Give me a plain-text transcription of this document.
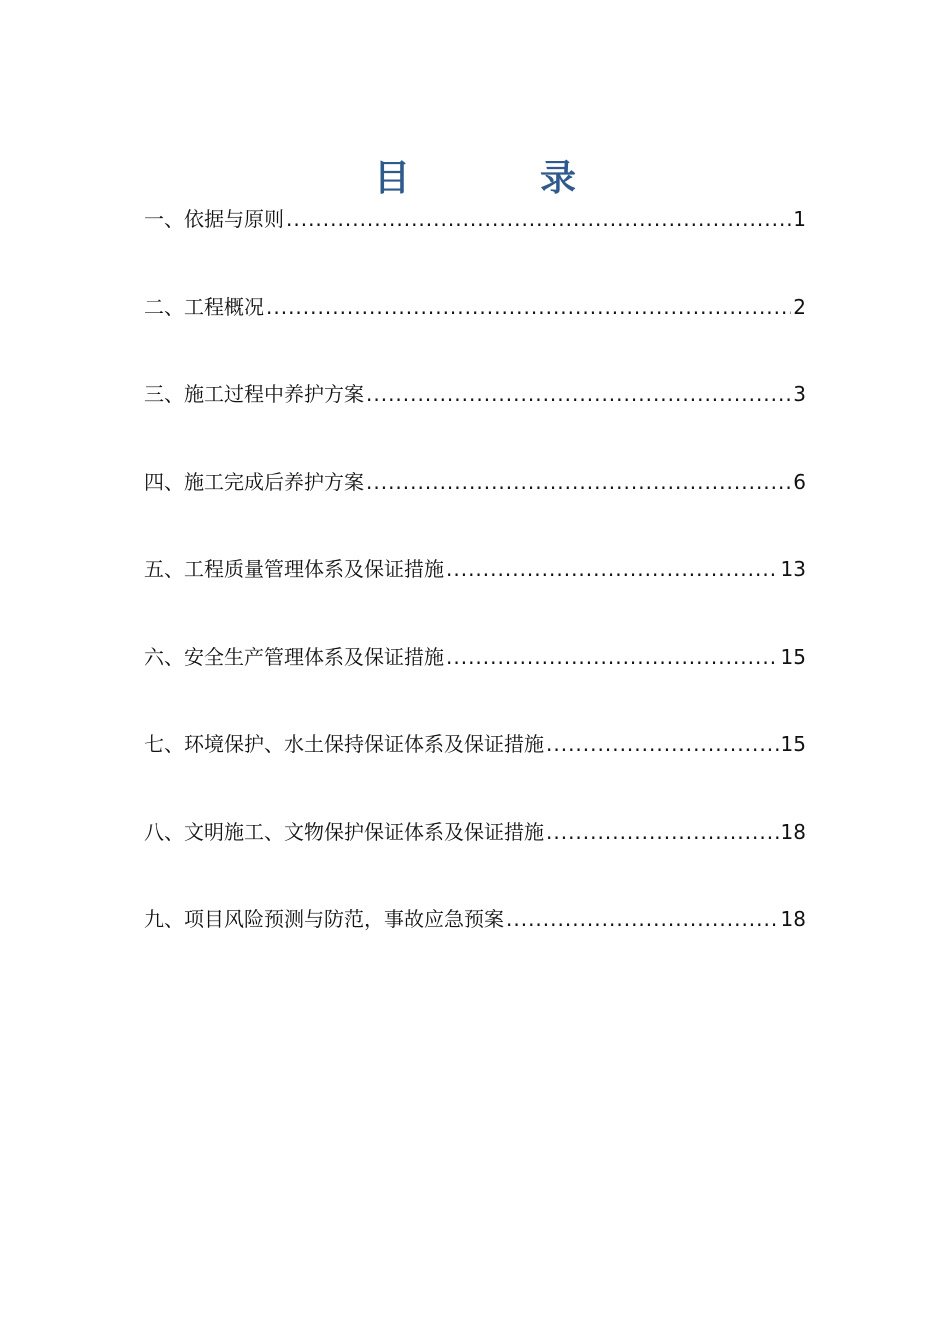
目	录
一、 依据与原则 .....	1
二、 工程概况 .....	2
三、 施工过程中养护方案 .....	3
四、 施工完成后养护方案 .....	6
五、 工程质量管理体系及保证措施 .....	13
六、 安全生产管理体系及保证措施 .....	15
七、 环境保护、水土保持保证体系及保证措施 .....	15
八、 文明施工、文物保护保证体系及保证措施 .....	18
九、 项目风险预测与防范，事故应急预案 .....	18
